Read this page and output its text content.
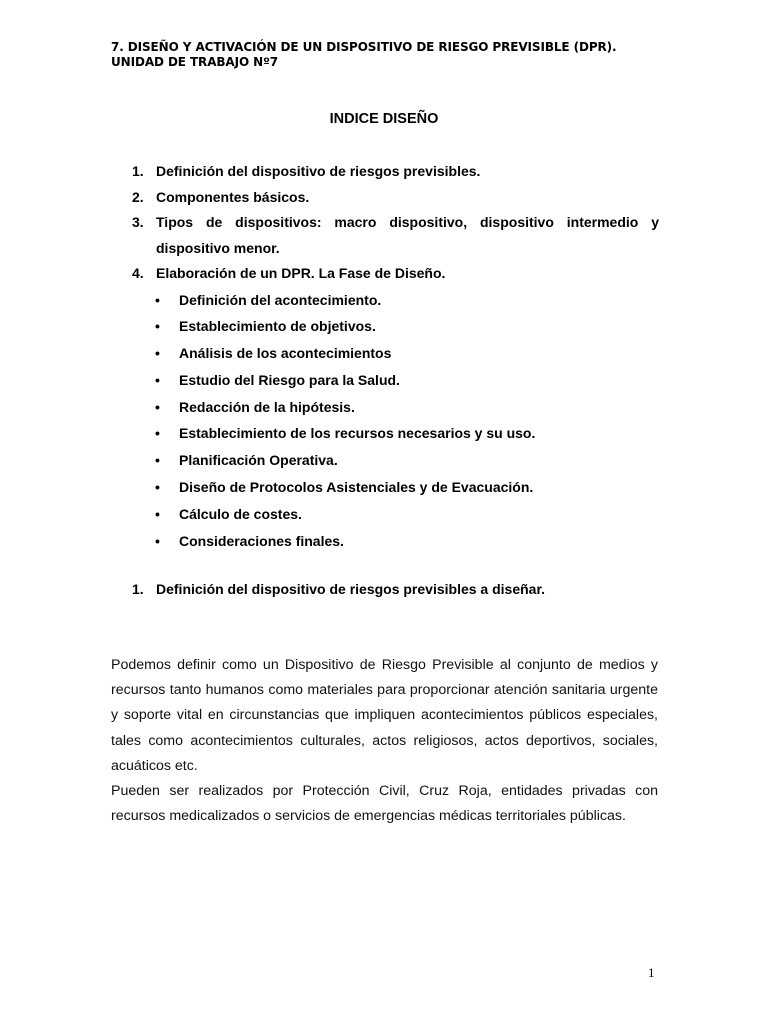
7. DISEÑO Y ACTIVACIÓN DE UN DISPOSITIVO DE RIESGO PREVISIBLE (DPR).
UNIDAD DE TRABAJO Nº7
INDICE DISEÑO
1. Definición del dispositivo de riesgos previsibles.
2. Componentes básicos.
3. Tipos de dispositivos: macro dispositivo, dispositivo intermedio y dispositivo menor.
4. Elaboración de un DPR. La Fase de Diseño.
• Definición del acontecimiento.
• Establecimiento de objetivos.
• Análisis de los acontecimientos
• Estudio del Riesgo para la Salud.
• Redacción de la hipótesis.
• Establecimiento de los recursos necesarios y su uso.
• Planificación Operativa.
• Diseño de Protocolos Asistenciales y de Evacuación.
• Cálculo de costes.
• Consideraciones finales.
1. Definición del dispositivo de riesgos previsibles a diseñar.

Podemos definir como un Dispositivo de Riesgo Previsible al conjunto de medios y recursos tanto humanos como materiales para proporcionar atención sanitaria urgente y soporte vital en circunstancias que impliquen acontecimientos públicos especiales, tales como acontecimientos culturales, actos religiosos, actos deportivos, sociales, acuáticos etc.

Pueden ser realizados por Protección Civil, Cruz Roja, entidades privadas con recursos medicalizados o servicios de emergencias médicas territoriales públicas.

1
